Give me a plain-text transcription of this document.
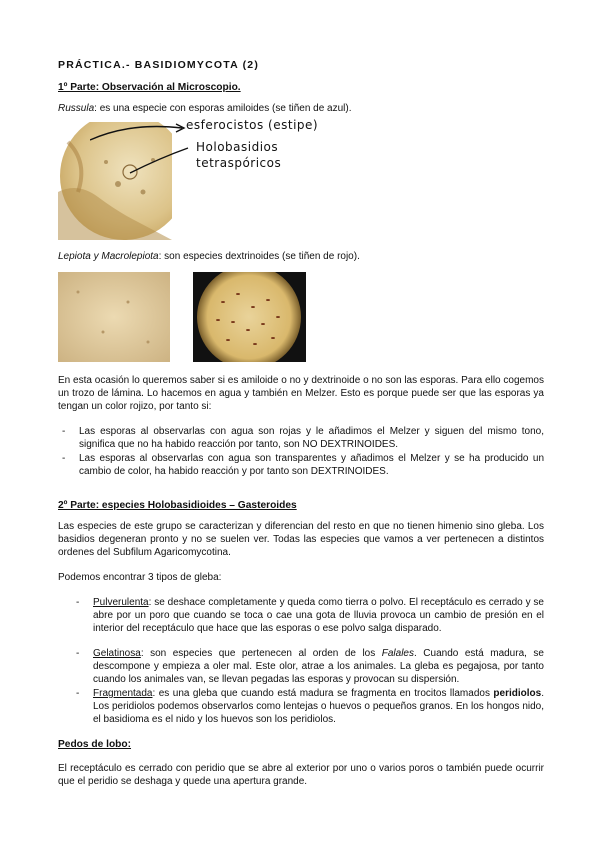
PRÁCTICA.- BASIDIOMYCOTA (2)
1º Parte: Observación al Microscopio.
Russula: es una especie con esporas amiloides (se tiñen de azul).
esferocistos (estipe)
Holobasidios
tetraspóricos
Lepiota y Macrolepiota: son especies dextrinoides (se tiñen de rojo).
En esta ocasión lo queremos saber si es amiloide o no y dextrinoide o no son las esporas. Para ello cogemos un trozo de lámina. Lo hacemos en agua y también en Melzer. Esto es porque puede ser que las esporas ya tengan un color rojizo, por tanto si:
- Las esporas al observarlas con agua son rojas y le añadimos el Melzer y siguen del mismo tono, significa que no ha habido reacción por tanto, son NO DEXTRINOIDES.
- Las esporas al observarlas con agua son transparentes y añadimos el Melzer y se ha producido un cambio de color, ha habido reacción y por tanto son DEXTRINOIDES.
2º Parte: especies Holobasidioides – Gasteroides
Las especies de este grupo se caracterizan y diferencian del resto en que no tienen himenio sino gleba. Los basidios degeneran pronto y no se suelen ver. Todas las especies que vamos a ver pertenecen a distintos ordenes del Subfilum Agaricomycotina.
Podemos encontrar 3 tipos de gleba:
- Pulverulenta: se deshace completamente y queda como tierra o polvo. El receptáculo es cerrado y se abre por un poro que cuando se toca o cae una gota de lluvia provoca un cambio de presión en el interior del receptáculo que hace que las esporas o ese polvo salga disparado.
- Gelatinosa: son especies que pertenecen al orden de los Falales. Cuando está madura, se descompone y empieza a oler mal. Este olor, atrae a los animales. La gleba es pegajosa, por tanto cuando los animales van, se llevan pegadas las esporas y provocan su dispersión.
- Fragmentada: es una gleba que cuando está madura se fragmenta en trocitos llamados peridiolos. Los peridiolos podemos observarlos como lentejas o huevos o pequeños granos. En los hongos nido, el basidioma es el nido y los huevos son los peridiolos.
Pedos de lobo:
El receptáculo es cerrado con peridio que se abre al exterior por uno o varios poros o también puede ocurrir que el peridio se deshaga y quede una apertura grande.
